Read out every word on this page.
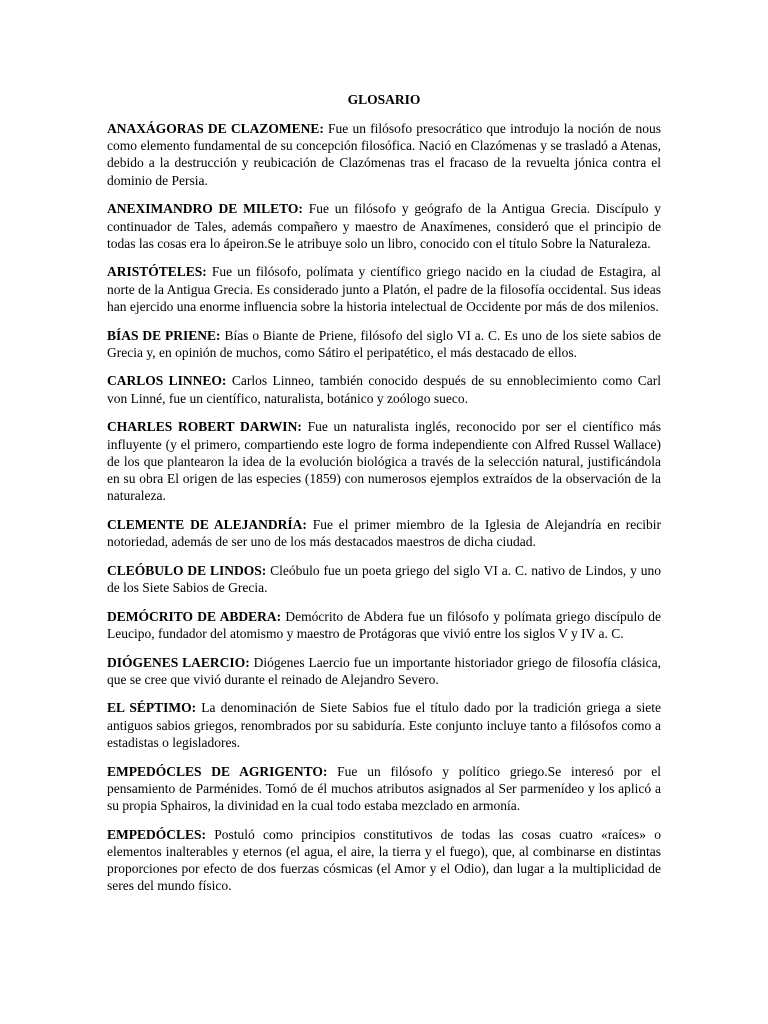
GLOSARIO

ANAXÁGORAS DE CLAZOMENE: Fue un filósofo presocrático que introdujo la noción de nous como elemento fundamental de su concepción filosófica. Nació en Clazómenas y se trasladó a Atenas, debido a la destrucción y reubicación de Clazómenas tras el fracaso de la revuelta jónica contra el dominio de Persia.

ANEXIMANDRO DE MILETO: Fue un filósofo y geógrafo de la Antigua Grecia. Discípulo y continuador de Tales, además compañero y maestro de Anaxímenes, consideró que el principio de todas las cosas era lo ápeiron.Se le atribuye solo un libro, conocido con el título Sobre la Naturaleza.

ARISTÓTELES: Fue un filósofo, polímata y científico griego nacido en la ciudad de Estagira, al norte de la Antigua Grecia. Es considerado junto a Platón, el padre de la filosofía occidental. Sus ideas han ejercido una enorme influencia sobre la historia intelectual de Occidente por más de dos milenios.

BÍAS DE PRIENE: Bías o Biante de Priene, filósofo del siglo VI a. C. Es uno de los siete sabios de Grecia y, en opinión de muchos, como Sátiro el peripatético, el más destacado de ellos.

CARLOS LINNEO: Carlos Linneo, también conocido después de su ennoblecimiento como Carl von Linné, fue un científico, naturalista, botánico y zoólogo sueco.

CHARLES ROBERT DARWIN: Fue un naturalista inglés, reconocido por ser el científico más influyente (y el primero, compartiendo este logro de forma independiente con Alfred Russel Wallace) de los que plantearon la idea de la evolución biológica a través de la selección natural, justificándola en su obra El origen de las especies (1859) con numerosos ejemplos extraídos de la observación de la naturaleza.

CLEMENTE DE ALEJANDRÍA: Fue el primer miembro de la Iglesia de Alejandría en recibir notoriedad, además de ser uno de los más destacados maestros de dicha ciudad.

CLEÓBULO DE LINDOS: Cleóbulo fue un poeta griego del siglo VI a. C. nativo de Lindos, y uno de los Siete Sabios de Grecia.

DEMÓCRITO DE ABDERA: Demócrito de Abdera fue un filósofo y polímata griego discípulo de Leucipo, fundador del atomismo y maestro de Protágoras que vivió entre los siglos V y IV a. C.

DIÓGENES LAERCIO: Diógenes Laercio fue un importante historiador griego de filosofía clásica, que se cree que vivió durante el reinado de Alejandro Severo.

EL SÉPTIMO: La denominación de Siete Sabios fue el título dado por la tradición griega a siete antiguos sabios griegos, renombrados por su sabiduría. Este conjunto incluye tanto a filósofos como a estadistas o legisladores.

EMPEDÓCLES DE AGRIGENTO: Fue un filósofo y político griego.Se interesó por el pensamiento de Parménides. Tomó de él muchos atributos asignados al Ser parmenídeo y los aplicó a su propia Sphairos, la divinidad en la cual todo estaba mezclado en armonía.

EMPEDÓCLES: Postuló como principios constitutivos de todas las cosas cuatro «raíces» o elementos inalterables y eternos (el agua, el aire, la tierra y el fuego), que, al combinarse en distintas proporciones por efecto de dos fuerzas cósmicas (el Amor y el Odio), dan lugar a la multiplicidad de seres del mundo físico.
